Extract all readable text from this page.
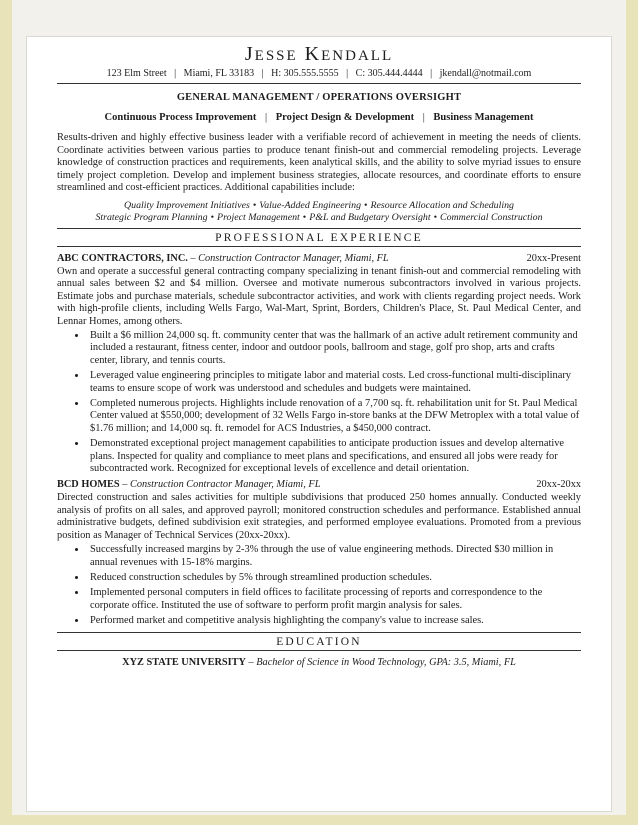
JESSE KENDALL
123 Elm Street | Miami, FL 33183 | H: 305.555.5555 | C: 305.444.4444 | jkendall@notmail.com
GENERAL MANAGEMENT / OPERATIONS OVERSIGHT
Continuous Process Improvement | Project Design & Development | Business Management
Results-driven and highly effective business leader with a verifiable record of achievement in meeting the needs of clients. Coordinate activities between various parties to produce tenant finish-out and commercial remodeling projects. Leverage knowledge of construction practices and requirements, keen analytical skills, and the ability to solve myriad issues to ensure timely project completion. Develop and implement business strategies, allocate resources, and coordinate efforts to ensure streamlined and cost-efficient practices. Additional capabilities include:
Quality Improvement Initiatives • Value-Added Engineering • Resource Allocation and Scheduling
Strategic Program Planning • Project Management • P&L and Budgetary Oversight • Commercial Construction
PROFESSIONAL EXPERIENCE
ABC CONTRACTORS, INC. – Construction Contractor Manager, Miami, FL	20xx-Present
Own and operate a successful general contracting company specializing in tenant finish-out and commercial remodeling with annual sales between $2 and $4 million. Oversee and motivate numerous subcontractors involved in various projects. Estimate jobs and purchase materials, schedule subcontractor activities, and work with clients regarding project needs. Work with high-profile clients, including Wells Fargo, Wal-Mart, Sprint, Borders, Children's Place, St. Paul Medical Center, and Lennar Homes, among others.
• Built a $6 million 24,000 sq. ft. community center that was the hallmark of an active adult retirement community and included a restaurant, fitness center, indoor and outdoor pools, ballroom and stage, golf pro shop, arts and crafts center, library, and tennis courts.
• Leveraged value engineering principles to mitigate labor and material costs. Led cross-functional multi-disciplinary teams to ensure scope of work was understood and schedules and budgets were maintained.
• Completed numerous projects. Highlights include renovation of a 7,700 sq. ft. rehabilitation unit for St. Paul Medical Center valued at $550,000; development of 32 Wells Fargo in-store banks at the DFW Metroplex with a total value of $1.76 million; and 14,000 sq. ft. remodel for ACS Industries, a $450,000 contract.
• Demonstrated exceptional project management capabilities to anticipate production issues and develop alternative plans. Inspected for quality and compliance to meet plans and specifications, and ensured all jobs were ready for subcontracted work. Recognized for exceptional levels of excellence and detail orientation.
BCD HOMES – Construction Contractor Manager, Miami, FL	20xx-20xx
Directed construction and sales activities for multiple subdivisions that produced 250 homes annually. Conducted weekly analysis of profits on all sales, and approved payroll; monitored construction schedules and performance. Established annual administrative budgets, defined subdivision exit strategies, and performed employee evaluations. Promoted from a previous position as Manager of Technical Services (20xx-20xx).
• Successfully increased margins by 2-3% through the use of value engineering methods. Directed $30 million in annual revenues with 15-18% margins.
• Reduced construction schedules by 5% through streamlined production schedules.
• Implemented personal computers in field offices to facilitate processing of reports and correspondence to the corporate office. Instituted the use of software to perform profit margin analysis for sales.
• Performed market and competitive analysis highlighting the company's value to increase sales.
EDUCATION
XYZ STATE UNIVERSITY – Bachelor of Science in Wood Technology, GPA: 3.5, Miami, FL
